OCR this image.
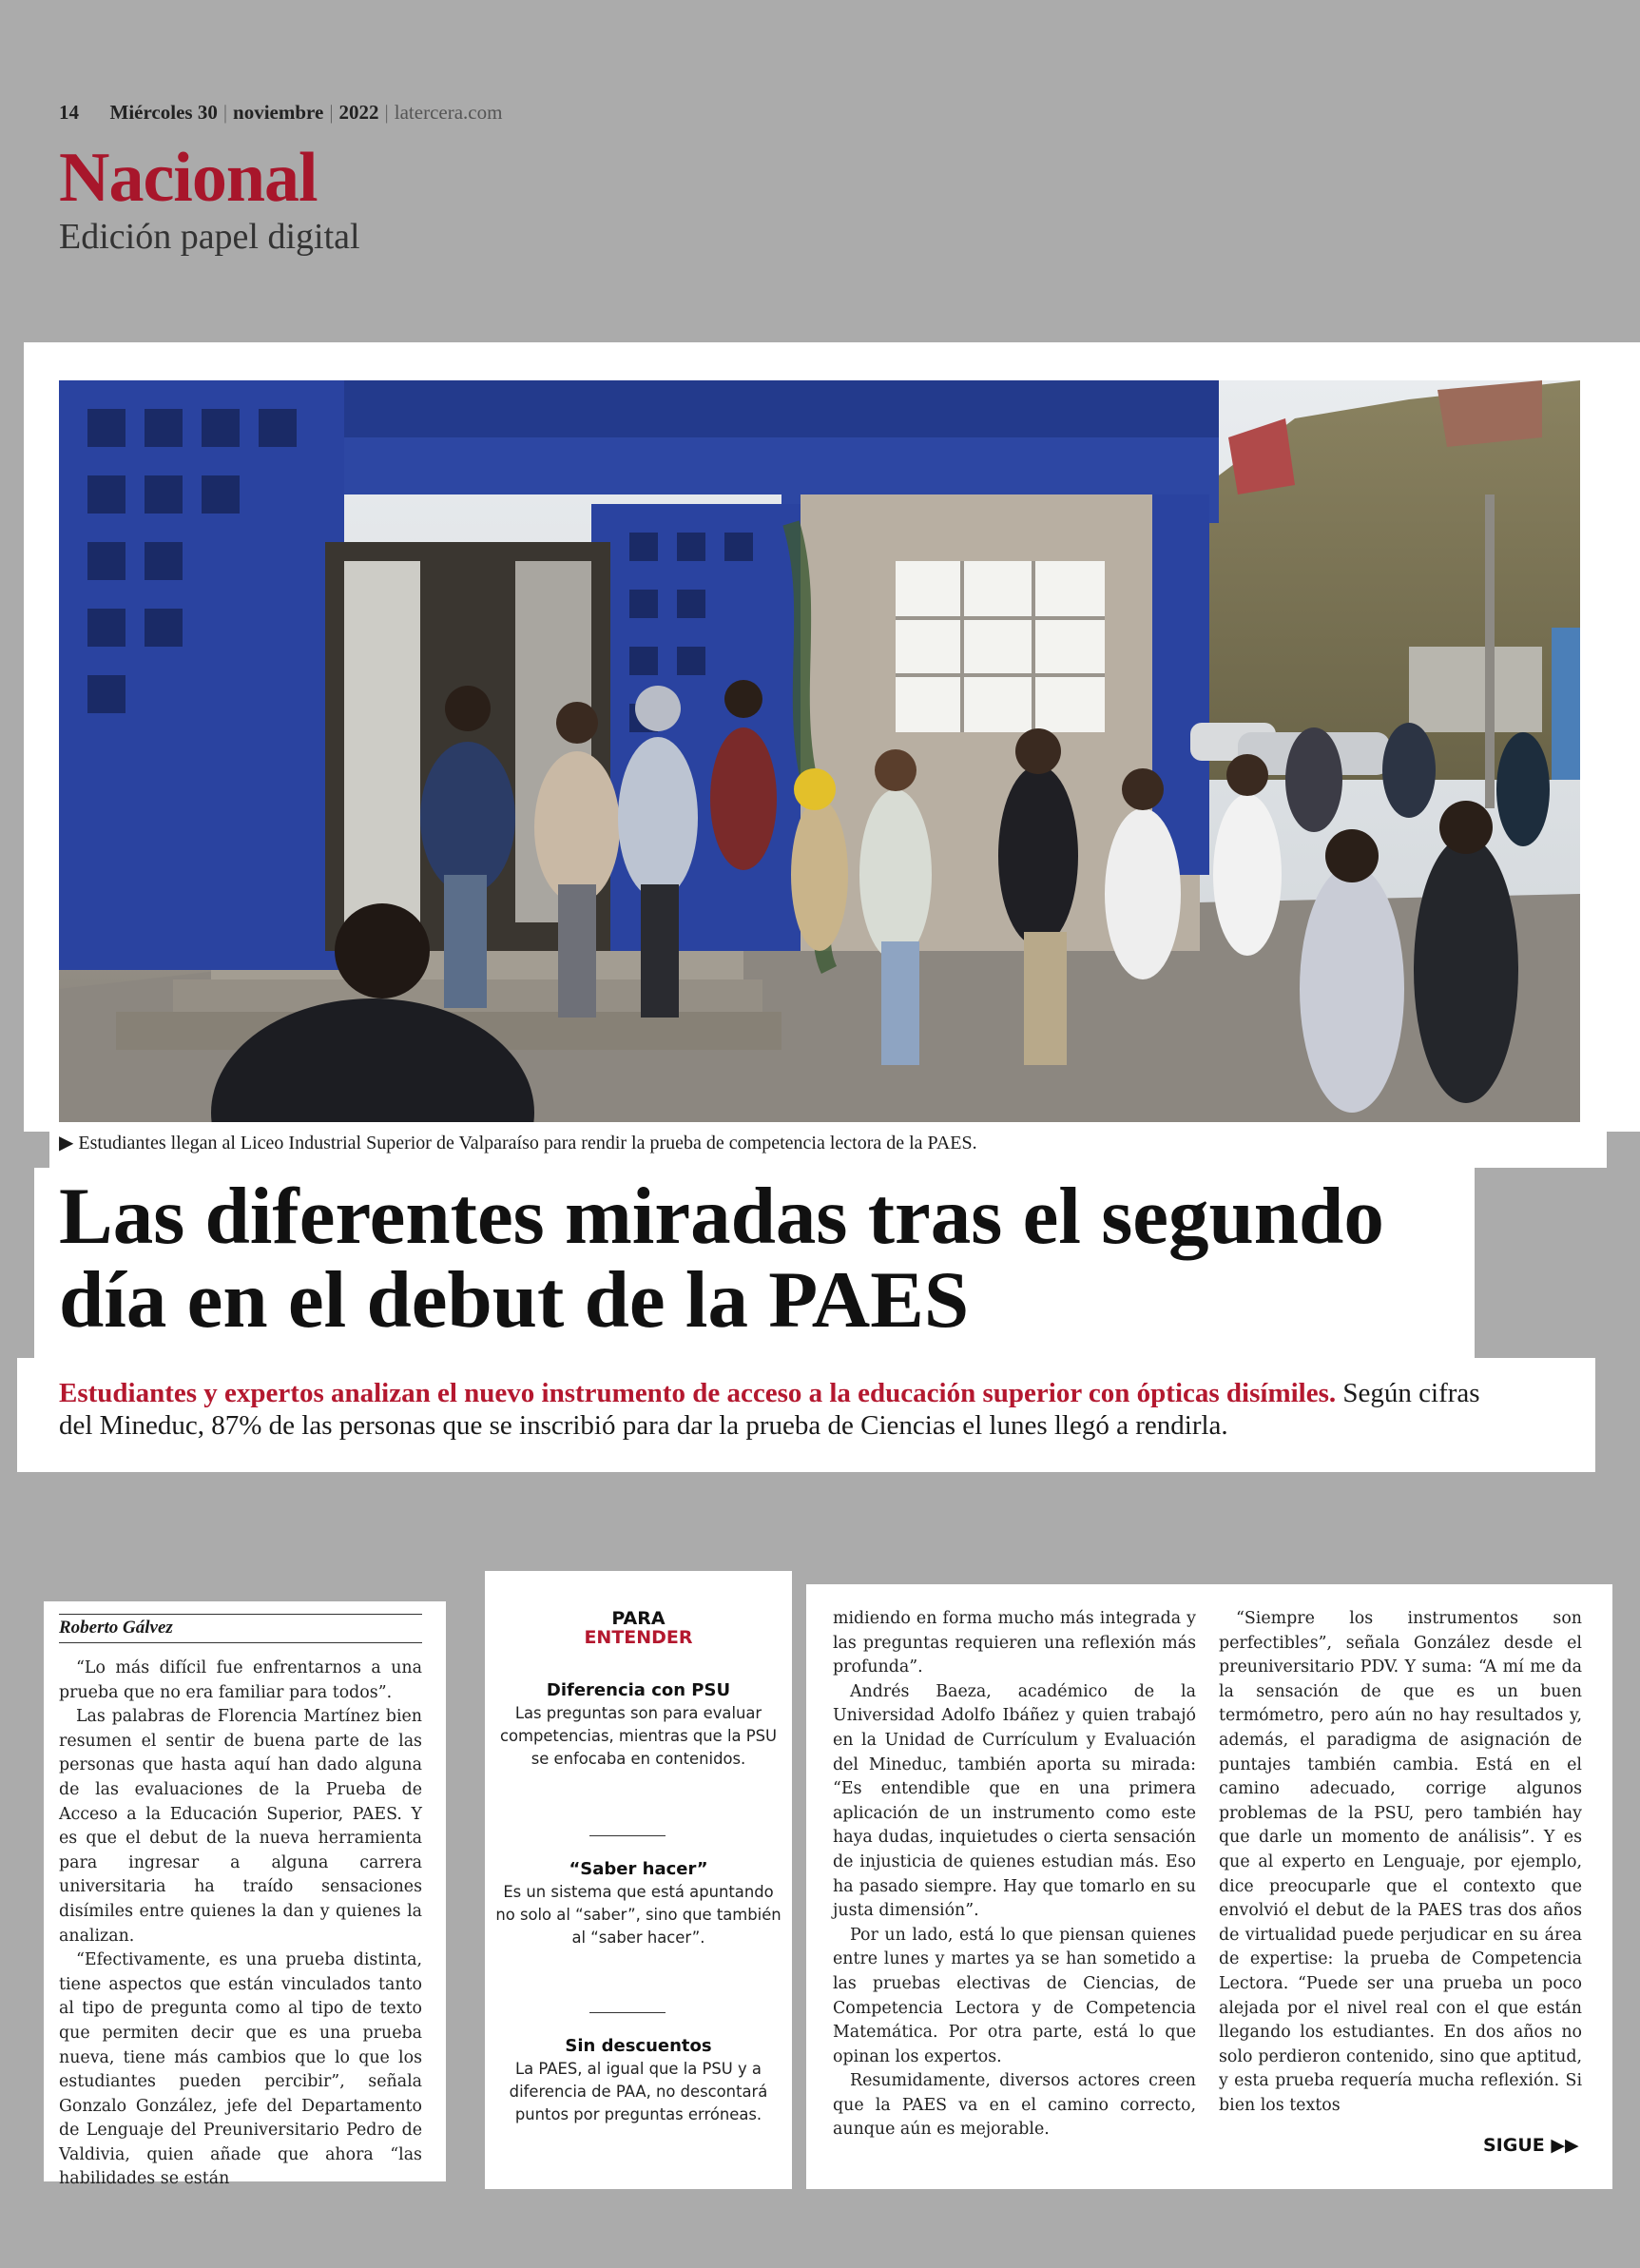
14 Miércoles 30 | noviembre | 2022 | latercera.com
Nacional
Edición papel digital
▶ Estudiantes llegan al Liceo Industrial Superior de Valparaíso para rendir la prueba de competencia lectora de la PAES.
Las diferentes miradas tras el segundo día en el debut de la PAES
Estudiantes y expertos analizan el nuevo instrumento de acceso a la educación superior con ópticas disímiles. Según cifras del Mineduc, 87% de las personas que se inscribió para dar la prueba de Ciencias el lunes llegó a rendirla.
Roberto Gálvez

“Lo más difícil fue enfrentarnos a una prueba que no era familiar para todos”.

Las palabras de Florencia Martínez bien resumen el sentir de buena parte de las personas que hasta aquí han dado alguna de las evaluaciones de la Prueba de Acceso a la Educación Superior, PAES. Y es que el debut de la nueva herramienta para ingresar a alguna carrera universitaria ha traído sensaciones disímiles entre quienes la dan y quienes la analizan.

“Efectivamente, es una prueba distinta, tiene aspectos que están vinculados tanto al tipo de pregunta como al tipo de texto que permiten decir que es una prueba nueva, tiene más cambios que lo que los estudiantes pueden percibir”, señala Gonzalo González, jefe del Departamento de Lenguaje del Preuniversitario Pedro de Valdivia, quien añade que ahora “las habilidades se están

PARA
ENTENDER
Diferencia con PSU
Las preguntas son para evaluar competencias, mientras que la PSU se enfocaba en contenidos.
“Saber hacer”
Es un sistema que está apuntando no solo al “saber”, sino que también al “saber hacer”.
Sin descuentos
La PAES, al igual que la PSU y a diferencia de PAA, no descontará puntos por preguntas erróneas.

midiendo en forma mucho más integrada y las preguntas requieren una reflexión más profunda”.

Andrés Baeza, académico de la Universidad Adolfo Ibáñez y quien trabajó en la Unidad de Currículum y Evaluación del Mineduc, también aporta su mirada: “Es entendible que en una primera aplicación de un instrumento como este haya dudas, inquietudes o cierta sensación de injusticia de quienes estudian más. Eso ha pasado siempre. Hay que tomarlo en su justa dimensión”.

Por un lado, está lo que piensan quienes entre lunes y martes ya se han sometido a las pruebas electivas de Ciencias, de Competencia Lectora y de Competencia Matemática. Por otra parte, está lo que opinan los expertos.

Resumidamente, diversos actores creen que la PAES va en el camino correcto, aunque aún es mejorable.

“Siempre los instrumentos son perfectibles”, señala González desde el preuniversitario PDV. Y suma: “A mí me da la sensación de que es un buen termómetro, pero aún no hay resultados y, además, el paradigma de asignación de puntajes también cambia. Está en el camino adecuado, corrige algunos problemas de la PSU, pero también hay que darle un momento de análisis”. Y es que al experto en Lenguaje, por ejemplo, dice preocuparle que el contexto que envolvió el debut de la PAES tras dos años de virtualidad puede perjudicar en su área de expertise: la prueba de Competencia Lectora. “Puede ser una prueba un poco alejada por el nivel real con el que están llegando los estudiantes. En dos años no solo perdieron contenido, sino que aptitud, y esta prueba requería mucha reflexión. Si bien los textos

SIGUE ▶▶
